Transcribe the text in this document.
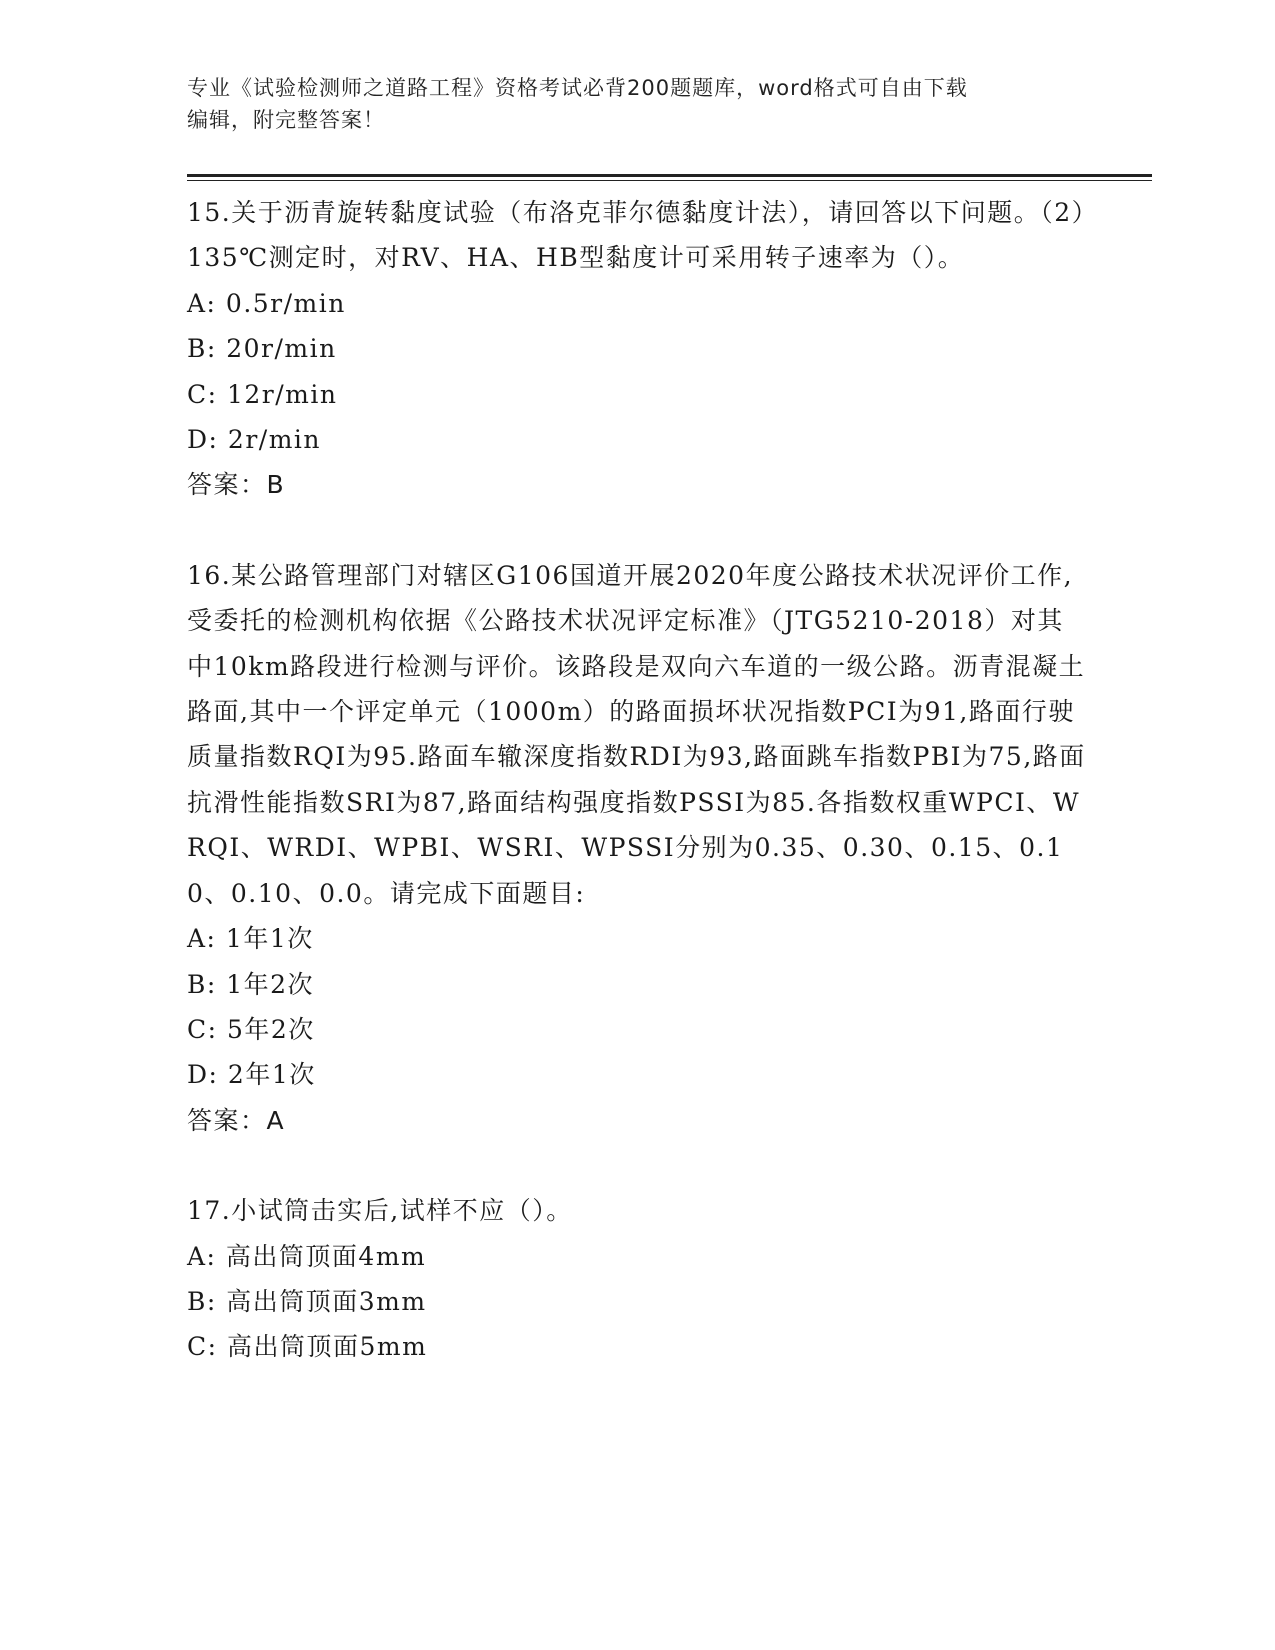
专业《试验检测师之道路工程》资格考试必背200题题库，word格式可自由下载
编辑，附完整答案！

15.关于沥青旋转黏度试验（布洛克菲尔德黏度计法），请回答以下问题。（2）135℃测定时，对RV、HA、HB型黏度计可采用转子速率为（）。

A: 0.5r/min

B: 20r/min

C: 12r/min

D: 2r/min

答案：B

16.某公路管理部门对辖区G106国道开展2020年度公路技术状况评价工作,受委托的检测机构依据《公路技术状况评定标准》（JTG5210-2018）对其中10km路段进行检测与评价。该路段是双向六车道的一级公路。沥青混凝土路面,其中一个评定单元（1000m）的路面损坏状况指数PCI为91,路面行驶质量指数RQI为95.路面车辙深度指数RDI为93,路面跳车指数PBI为75,路面抗滑性能指数SRI为87,路面结构强度指数PSSI为85.各指数权重WPCI、WRQI、WRDI、WPBI、WSRI、WPSSI分别为0.35、0.30、0.15、0.10、0.10、0.0。请完成下面题目:

A: 1年1次

B: 1年2次

C: 5年2次

D: 2年1次

答案：A

17.小试筒击实后,试样不应（）。

A: 高出筒顶面4mm

B: 高出筒顶面3mm

C: 高出筒顶面5mm
